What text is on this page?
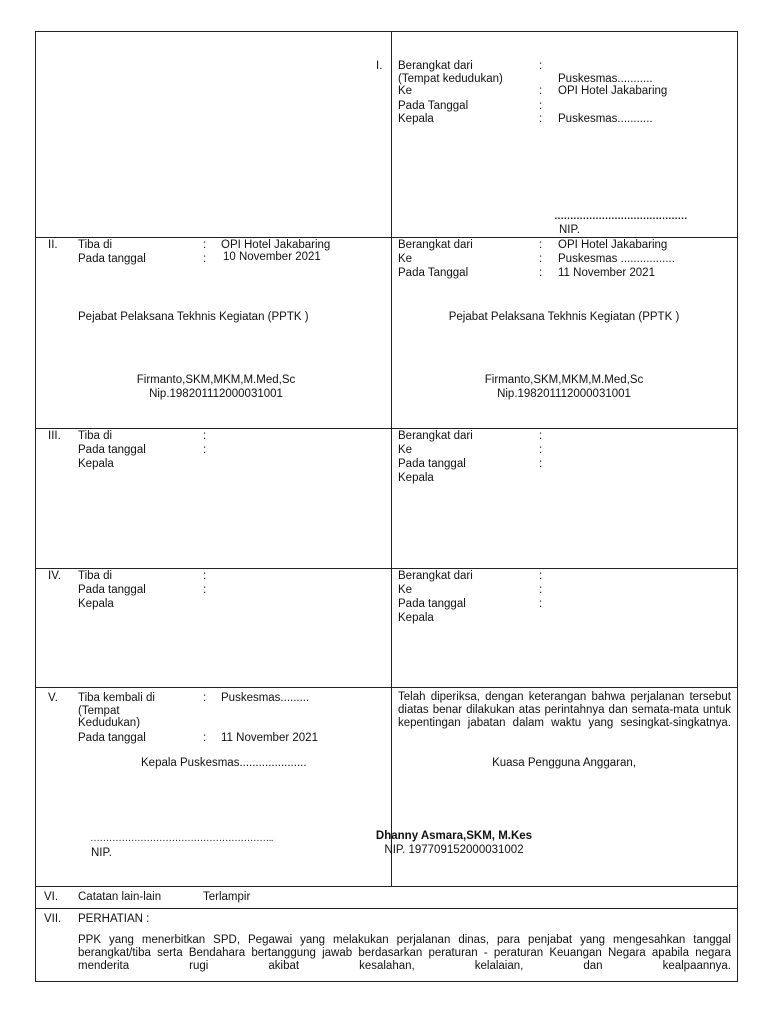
I. Berangkat dari	:
(Tempat kedudukan)	Puskesmas...........
Ke	: OPI Hotel Jakabaring
Pada Tanggal	:
Kepala	: Puskesmas...........
……………………………………
NIP.
II. Tiba di	: OPI Hotel Jakabaring
Pada tanggal	: 10 November 2021
Pejabat Pelaksana Tekhnis Kegiatan (PPTK )
Firmanto,SKM,MKM,M.Med,Sc
Nip.198201112000031001
Berangkat dari	: OPI Hotel Jakabaring
Ke	: Puskesmas .................
Pada Tanggal	: 11 November 2021
Pejabat Pelaksana Tekhnis Kegiatan (PPTK )
Firmanto,SKM,MKM,M.Med,Sc
Nip.198201112000031001
III. Tiba di	:
Pada tanggal	:
Kepala
Berangkat dari	:
Ke	:
Pada tanggal	:
Kepala
IV. Tiba di	:
Pada tanggal	:
Kepala
Berangkat dari	:
Ke	:
Pada tanggal	:
Kepala
V. Tiba kembali di	: Puskesmas.........
(Tempat
Kedudukan)
Pada tanggal	: 11 November 2021
Kepala Puskesmas.....................
…………………………………………………..
NIP.
Telah diperiksa, dengan keterangan bahwa perjalanan tersebut diatas benar dilakukan atas perintahnya dan semata-mata untuk kepentingan jabatan dalam waktu yang sesingkat-singkatnya.
Kuasa Pengguna Anggaran,
Dhanny Asmara,SKM, M.Kes
NIP. 197709152000031002
VI. Catatan lain-lain	Terlampir
VII. PERHATIAN :
PPK yang menerbitkan SPD, Pegawai yang melakukan perjalanan dinas, para penjabat yang mengesahkan tanggal berangkat/tiba serta Bendahara bertanggung jawab berdasarkan peraturan - peraturan Keuangan Negara apabila negara menderita rugi akibat kesalahan, kelalaian, dan kealpaannya.
